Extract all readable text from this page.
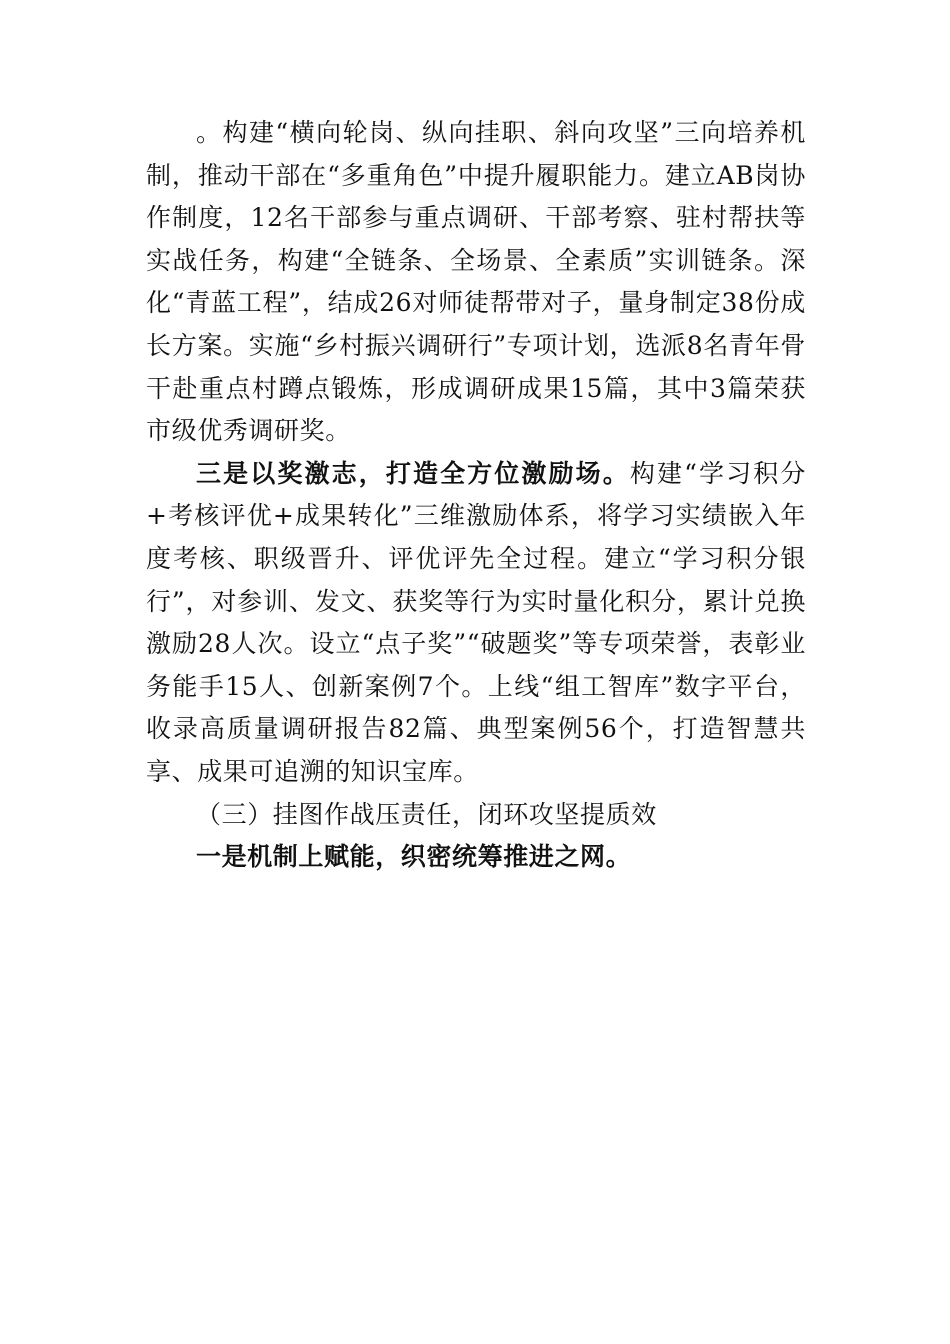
。构建“横向轮岗、纵向挂职、斜向攻坚”三向培养机制，推动干部在“多重角色”中提升履职能力。建立AB岗协作制度，12名干部参与重点调研、干部考察、驻村帮扶等实战任务，构建“全链条、全场景、全素质”实训链条。深化“青蓝工程”，结成26对师徒帮带对子，量身制定38份成长方案。实施“乡村振兴调研行”专项计划，选派8名青年骨干赴重点村蹲点锻炼，形成调研成果15篇，其中3篇荣获市级优秀调研奖。

三是以奖激志，打造全方位激励场。构建“学习积分+考核评优+成果转化”三维激励体系，将学习实绩嵌入年度考核、职级晋升、评优评先全过程。建立“学习积分银行”，对参训、发文、获奖等行为实时量化积分，累计兑换激励28人次。设立“点子奖”“破题奖”等专项荣誉，表彰业务能手15人、创新案例7个。上线“组工智库”数字平台，收录高质量调研报告82篇、典型案例56个，打造智慧共享、成果可追溯的知识宝库。

（三）挂图作战压责任，闭环攻坚提质效

一是机制上赋能，织密统筹推进之网。
